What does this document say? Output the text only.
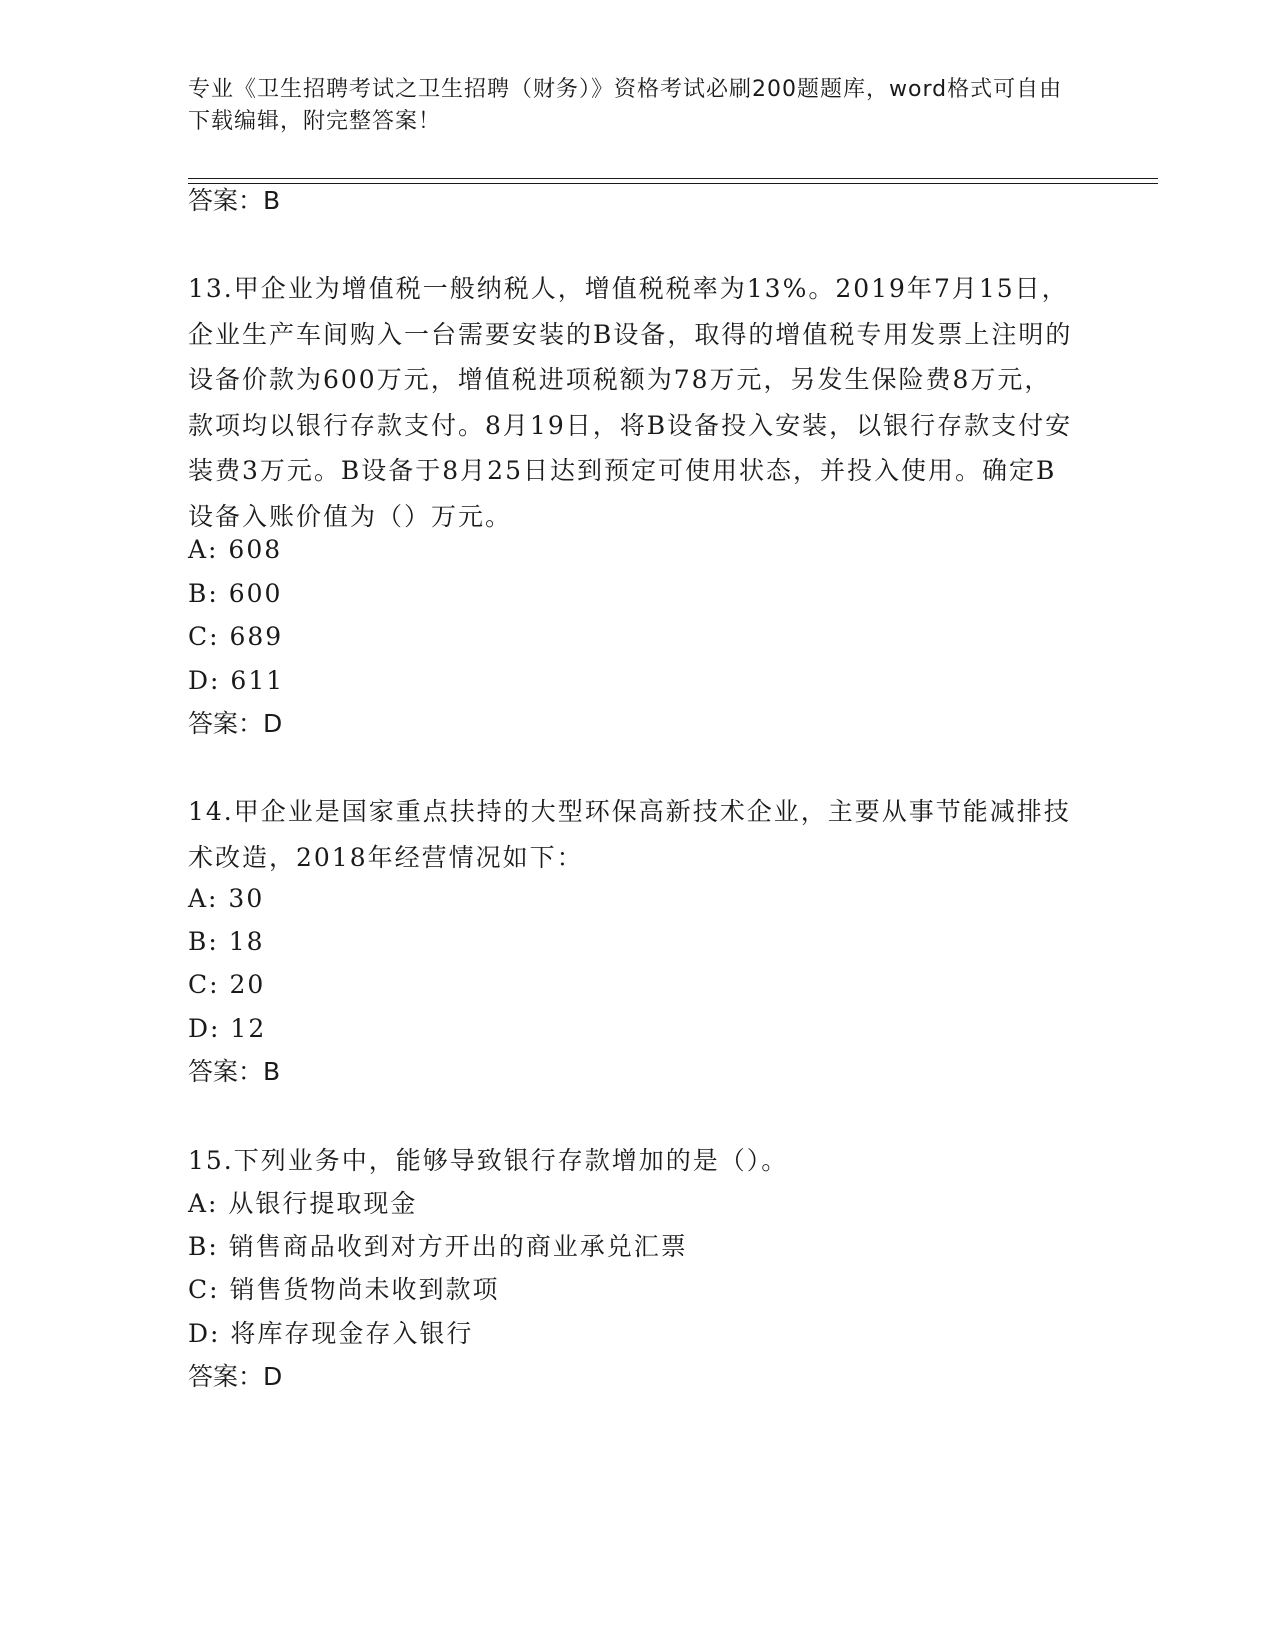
专业《卫生招聘考试之卫生招聘（财务）》资格考试必刷200题题库，word格式可自由下载编辑，附完整答案！
答案：B
13.甲企业为增值税一般纳税人，增值税税率为13%。2019年7月15日，企业生产车间购入一台需要安装的B设备，取得的增值税专用发票上注明的设备价款为600万元，增值税进项税额为78万元，另发生保险费8万元，款项均以银行存款支付。8月19日，将B设备投入安装，以银行存款支付安装费3万元。B设备于8月25日达到预定可使用状态，并投入使用。确定B设备入账价值为（）万元。
A: 608
B: 600
C: 689
D: 611
答案：D
14.甲企业是国家重点扶持的大型环保高新技术企业，主要从事节能减排技术改造，2018年经营情况如下：
A: 30
B: 18
C: 20
D: 12
答案：B
15.下列业务中，能够导致银行存款增加的是（）。
A: 从银行提取现金
B: 销售商品收到对方开出的商业承兑汇票
C: 销售货物尚未收到款项
D: 将库存现金存入银行
答案：D
